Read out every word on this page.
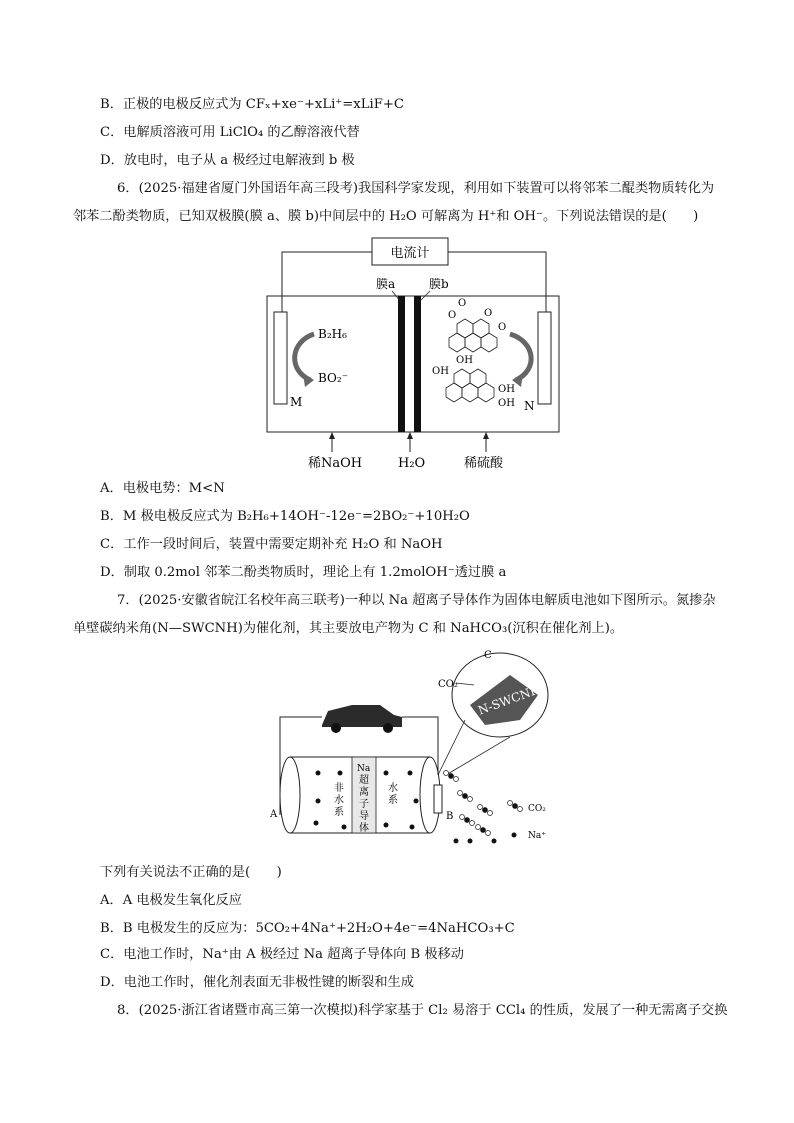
B．正极的电极反应式为 CFₓ+xe⁻+xLi⁺=xLiF+C
C．电解质溶液可用 LiClO₄ 的乙醇溶液代替
D．放电时，电子从 a 极经过电解液到 b 极
6．(2025·福建省厦门外国语年高三段考)我国科学家发现，利用如下装置可以将邻苯二醌类物质转化为
邻苯二酚类物质，已知双极膜(膜 a、膜 b)中间层中的 H₂O 可解离为 H⁺和 OH⁻。下列说法错误的是(　　)
电流计
M	N
膜a	膜b
B₂H₆
BO₂⁻
O
O
O
O
OH
OH
OH
OH
稀NaOH	H₂O	稀硫酸
A．电极电势：M<N
B．M 极电极反应式为 B₂H₆+14OH⁻-12e⁻=2BO₂⁻+10H₂O
C．工作一段时间后，装置中需要定期补充 H₂O 和 NaOH
D．制取 0.2mol 邻苯二酚类物质时，理论上有 1.2molOH⁻透过膜 a
7．(2025·安徽省皖江名校年高三联考)一种以 Na 超离子导体作为固体电解质电池如下图所示。氮掺杂
单壁碳纳米角(N—SWCNH)为催化剂，其主要放电产物为 C 和 NaHCO₃(沉积在催化剂上)。
N-SWCNH
C
CO₂
A	B
非
水
系
Na
超
离
子
导
体
水
系
CO₂
Na⁺
下列有关说法不正确的是(　　)
A．A 电极发生氧化反应
B．B 电极发生的反应为：5CO₂+4Na⁺+2H₂O+4e⁻=4NaHCO₃+C
C．电池工作时，Na⁺由 A 极经过 Na 超离子导体向 B 极移动
D．电池工作时，催化剂表面无非极性键的断裂和生成
8．(2025·浙江省诸暨市高三第一次模拟)科学家基于 Cl₂ 易溶于 CCl₄ 的性质，发展了一种无需离子交换
